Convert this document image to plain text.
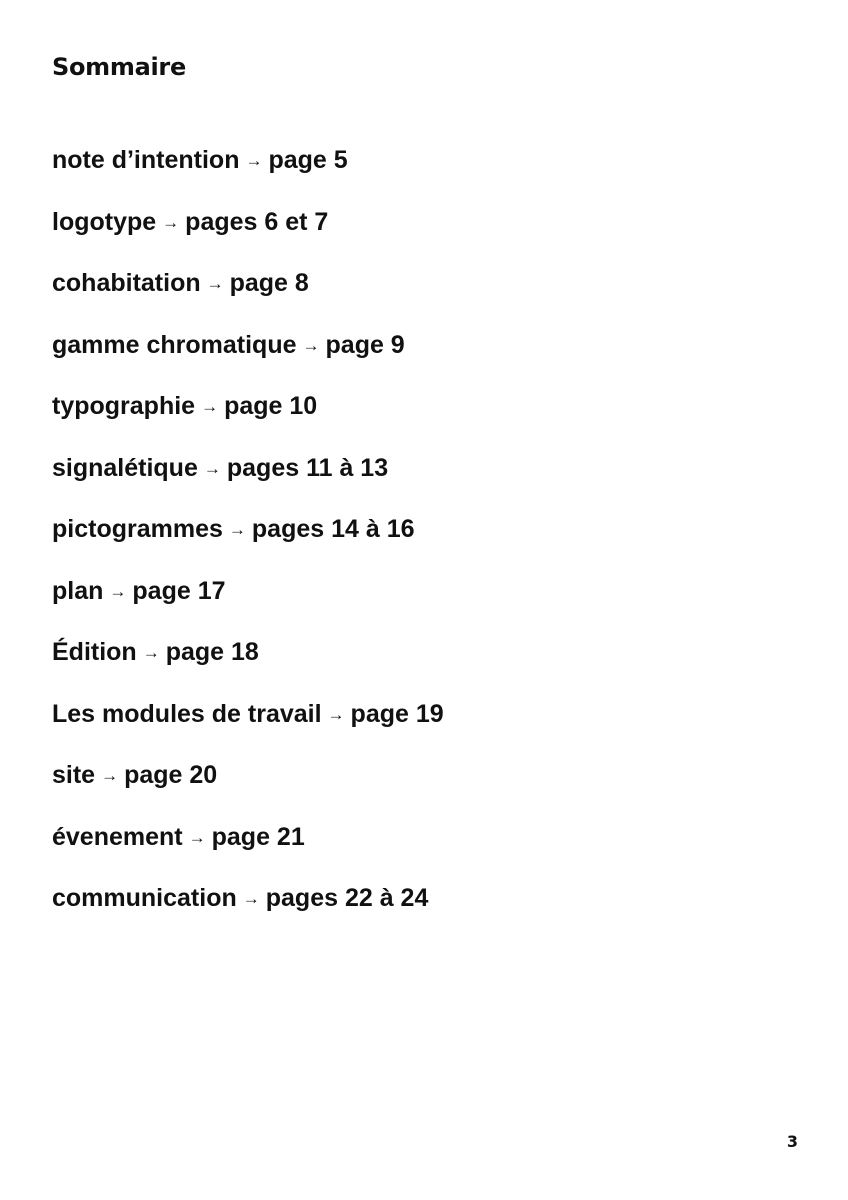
Sommaire
note d’intention → page 5
logotype → pages 6 et 7
cohabitation → page 8
gamme chromatique → page 9
typographie → page 10
signalétique → pages 11 à 13
pictogrammes → pages 14 à 16
plan → page 17
Édition → page 18
Les modules de travail → page 19
site → page 20
évenement → page 21
communication → pages 22 à 24
3
